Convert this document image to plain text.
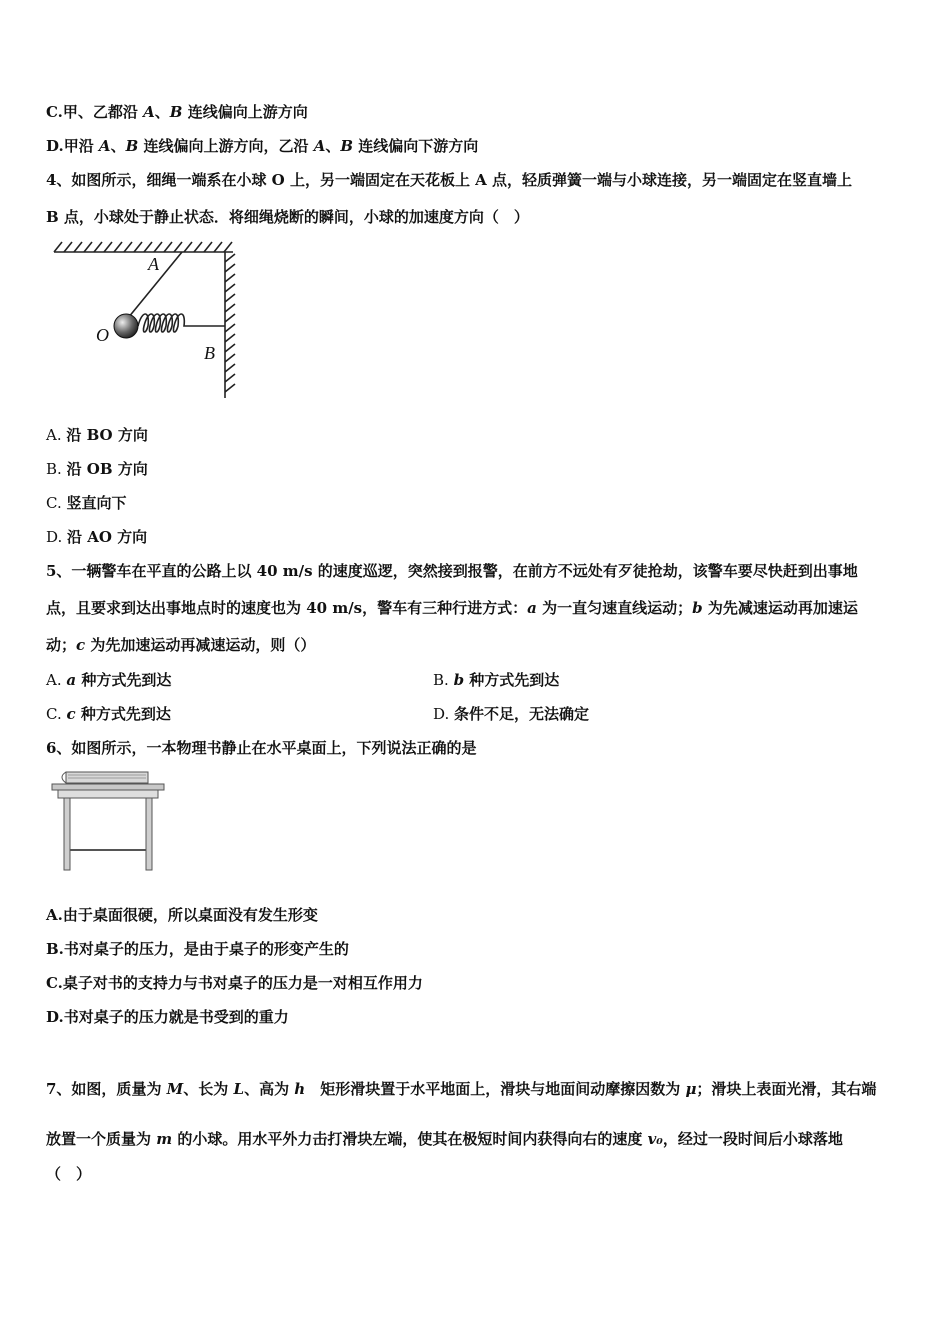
C.甲、乙都沿 A、B 连线偏向上游方向
D.甲沿 A、B 连线偏向上游方向，乙沿 A、B 连线偏向下游方向
4、如图所示，细绳一端系在小球 O 上，另一端固定在天花板上 A 点，轻质弹簧一端与小球连接，另一端固定在竖直墙上
B 点，小球处于静止状态．将细绳烧断的瞬间，小球的加速度方向（　）
A
O
B
A. 沿 BO 方向
B. 沿 OB 方向
C. 竖直向下
D. 沿 AO 方向
5、一辆警车在平直的公路上以 40 m/s 的速度巡逻，突然接到报警，在前方不远处有歹徒抢劫，该警车要尽快赶到出事地
点，且要求到达出事地点时的速度也为 40 m/s，警车有三种行进方式：a 为一直匀速直线运动；b 为先减速运动再加速运
动；c 为先加速运动再减速运动，则（）
A. a 种方式先到达	B. b 种方式先到达
C. c 种方式先到达	D. 条件不足，无法确定
6、如图所示，一本物理书静止在水平桌面上，下列说法正确的是
A.由于桌面很硬，所以桌面没有发生形变
B.书对桌子的压力，是由于桌子的形变产生的
C.桌子对书的支持力与书对桌子的压力是一对相互作用力
D.书对桌子的压力就是书受到的重力
7、如图，质量为 M、长为 L、高为 h　矩形滑块置于水平地面上，滑块与地面间动摩擦因数为 μ；滑块上表面光滑，其右端
放置一个质量为 m 的小球。用水平外力击打滑块左端，使其在极短时间内获得向右的速度 v₀，经过一段时间后小球落地
（　）
